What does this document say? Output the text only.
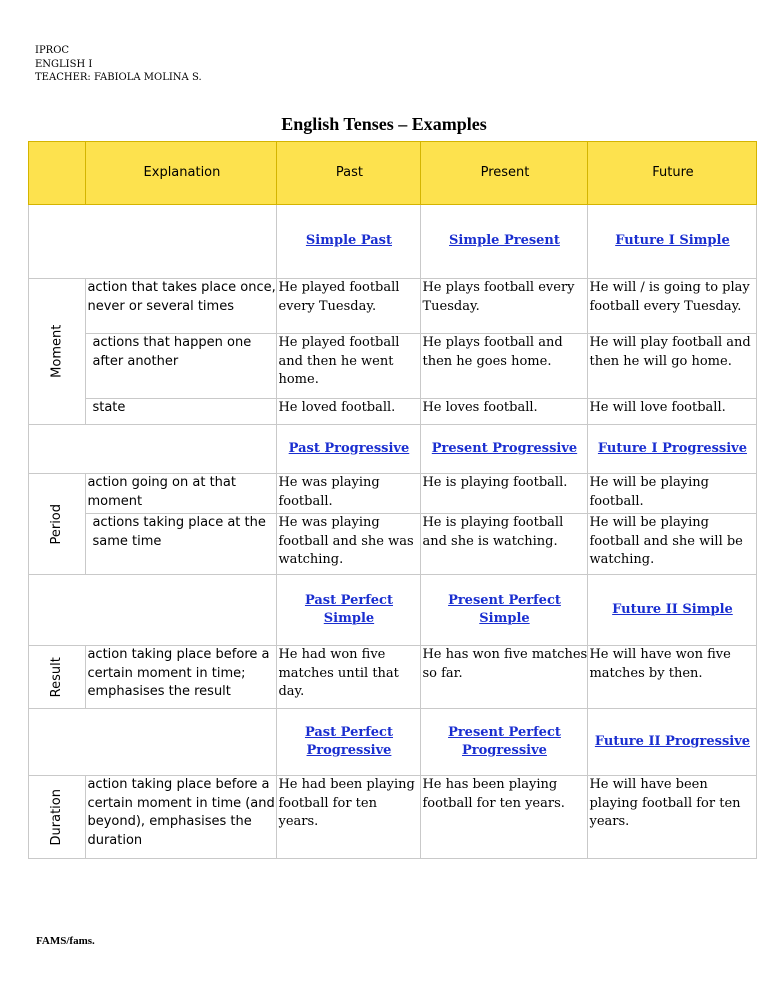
IPROC
ENGLISH I
TEACHER: FABIOLA MOLINA S.
English Tenses – Examples
	Explanation	Past	Present	Future
		Simple Past	Simple Present	Future I Simple
Moment	action that takes place once, never or several times	He played football every Tuesday.	He plays football every Tuesday.	He will / is going to play football every Tuesday.
	actions that happen one after another	He played football and then he went home.	He plays football and then he goes home.	He will play football and then he will go home.
	state	He loved football.	He loves football.	He will love football.
		Past Progressive	Present Progressive	Future I Progressive
Period	action going on at that moment	He was playing football.	He is playing football.	He will be playing football.
	actions taking place at the same time	He was playing football and she was watching.	He is playing football and she is watching.	He will be playing football and she will be watching.
		Past Perfect Simple	Present Perfect Simple	Future II Simple
Result	action taking place before a certain moment in time; emphasises the result	He had won five matches until that day.	He has won five matches so far.	He will have won five matches by then.
		Past Perfect Progressive	Present Perfect Progressive	Future II Progressive
Duration	action taking place before a certain moment in time (and beyond), emphasises the duration	He had been playing football for ten years.	He has been playing football for ten years.	He will have been playing football for ten years.
FAMS/fams.
